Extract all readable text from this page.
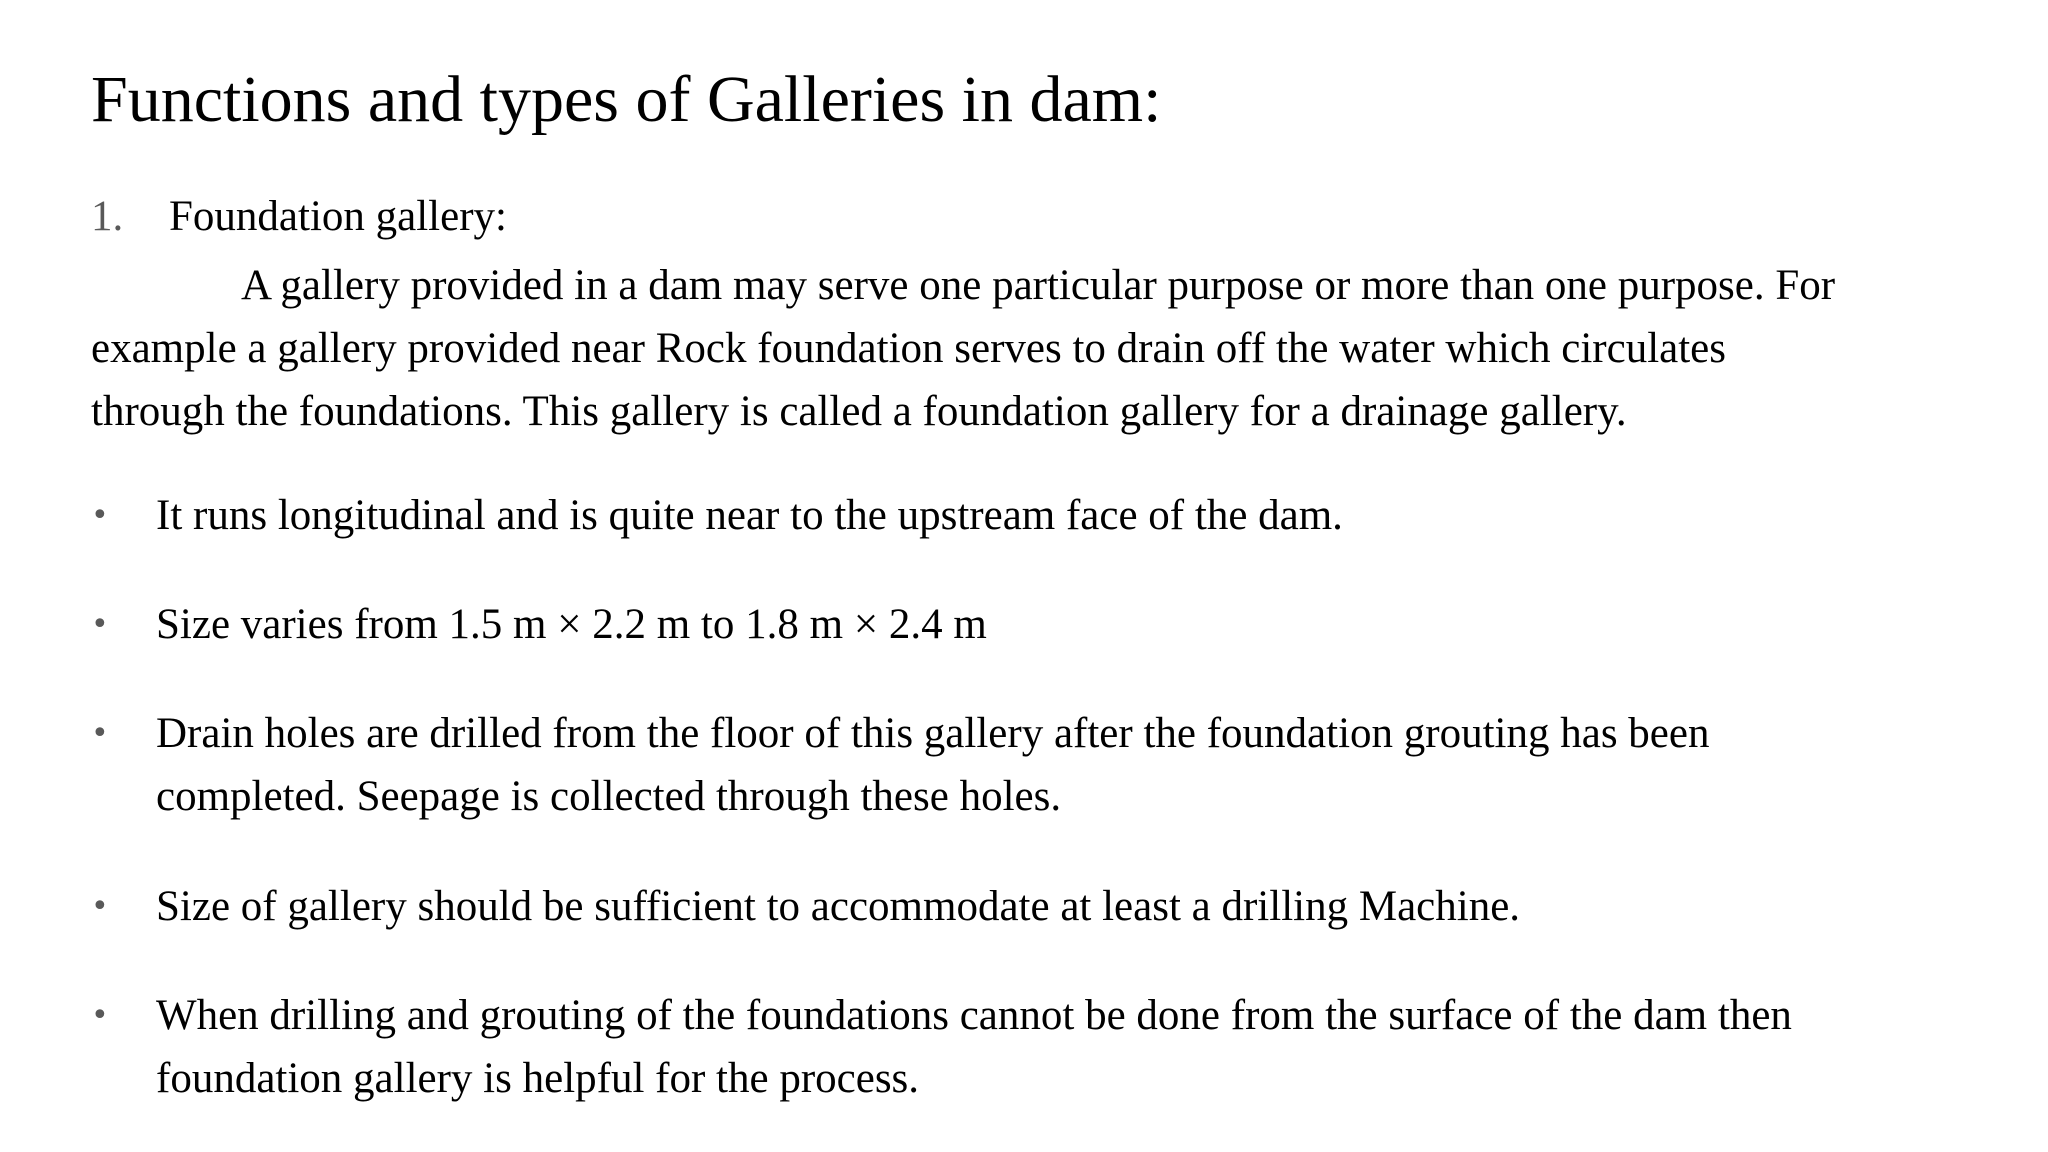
Functions and types of Galleries in dam:
1. Foundation gallery:
A gallery provided in a dam may serve one particular purpose or more than one purpose. For
example a gallery provided near Rock foundation serves to drain off the water which circulates
through the foundations. This gallery is called a foundation gallery for a drainage gallery.
•	It runs longitudinal and is quite near to the upstream face of the dam.
•	Size varies from 1.5 m × 2.2 m to 1.8 m × 2.4 m
•	Drain holes are drilled from the floor of this gallery after the foundation grouting has been
completed. Seepage is collected through these holes.
•	Size of gallery should be sufficient to accommodate at least a drilling Machine.
•	When drilling and grouting of the foundations cannot be done from the surface of the dam then
foundation gallery is helpful for the process.
